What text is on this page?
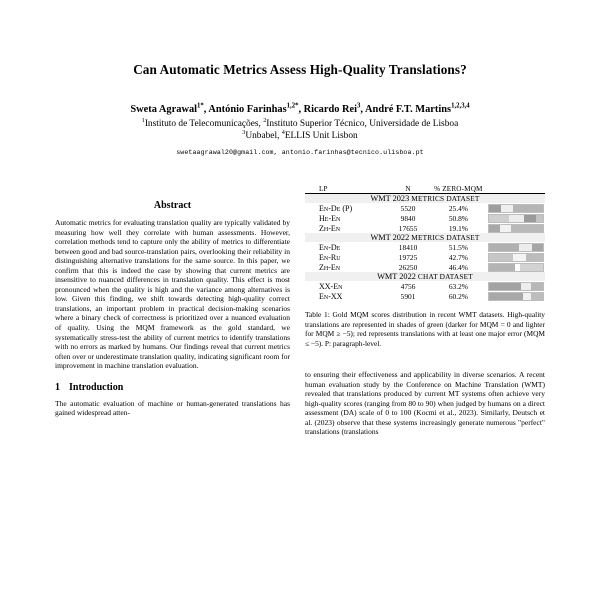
Can Automatic Metrics Assess High-Quality Translations?
Sweta Agrawal$^{1*}$, António Farinhas$^{1,2*}$, Ricardo Rei$^3$, André F.T. Martins$^{1,2,3,4}$
$^1$Instituto de Telecomunicações, $^2$Instituto Superior Técnico, Universidade de Lisboa
$^3$Unbabel, $^4$ELLIS Unit Lisbon
swetaagrawal20@gmail.com, antonio.farinhas@tecnico.ulisboa.pt
Abstract

Automatic metrics for evaluating translation quality are typically validated by measuring how well they correlate with human assessments. However, correlation methods tend to capture only the ability of metrics to differentiate between good and bad source-translation pairs, overlooking their reliability in distinguishing alternative translations for the same source. In this paper, we confirm that this is indeed the case by showing that current metrics are insensitive to nuanced differences in translation quality. This effect is most pronounced when the quality is high and the variance among alternatives is low. Given this finding, we shift towards detecting high-quality correct translations, an important problem in practical decision-making scenarios where a binary check of correctness is prioritized over a nuanced evaluation of quality. Using the MQM framework as the gold standard, we systematically stress-test the ability of current metrics to identify translations with no errors as marked by humans. Our findings reveal that current metrics often over or underestimate translation quality, indicating significant room for improvement in machine translation evaluation.

1 Introduction

The automatic evaluation of machine or human-generated translations has gained widespread atten-

LP	N	% ZERO-MQM	
WMT 2023 METRICS DATASET			
En-De (P)	5520	25.4%	
He-En	9840	50.8%	
Zh-En	17655	19.1%	
WMT 2022 METRICS DATASET			
En-De	18410	51.5%	
En-Ru	19725	42.7%	
Zh-En	26250	46.4%	
WMT 2022 CHAT DATASET			
XX-En	4756	63.2%	
En-XX	5901	60.2%	
Table 1: Gold MQM scores distribution in recent WMT datasets. High-quality translations are represented in shades of green (darker for MQM = 0 and lighter for MQM ≥ −5); red represents translations with at least one major error (MQM ≤ −5). P: paragraph-level.

to ensuring their effectiveness and applicability in diverse scenarios. A recent human evaluation study by the Conference on Machine Translation (WMT) revealed that translations produced by current MT systems often achieve very high-quality scores (ranging from 80 to 90) when judged by humans on a direct assessment (DA) scale of 0 to 100 (Kocmi et al., 2023). Similarly, Deutsch et al. (2023) observe that these systems increasingly generate numerous "perfect" translations (translations
